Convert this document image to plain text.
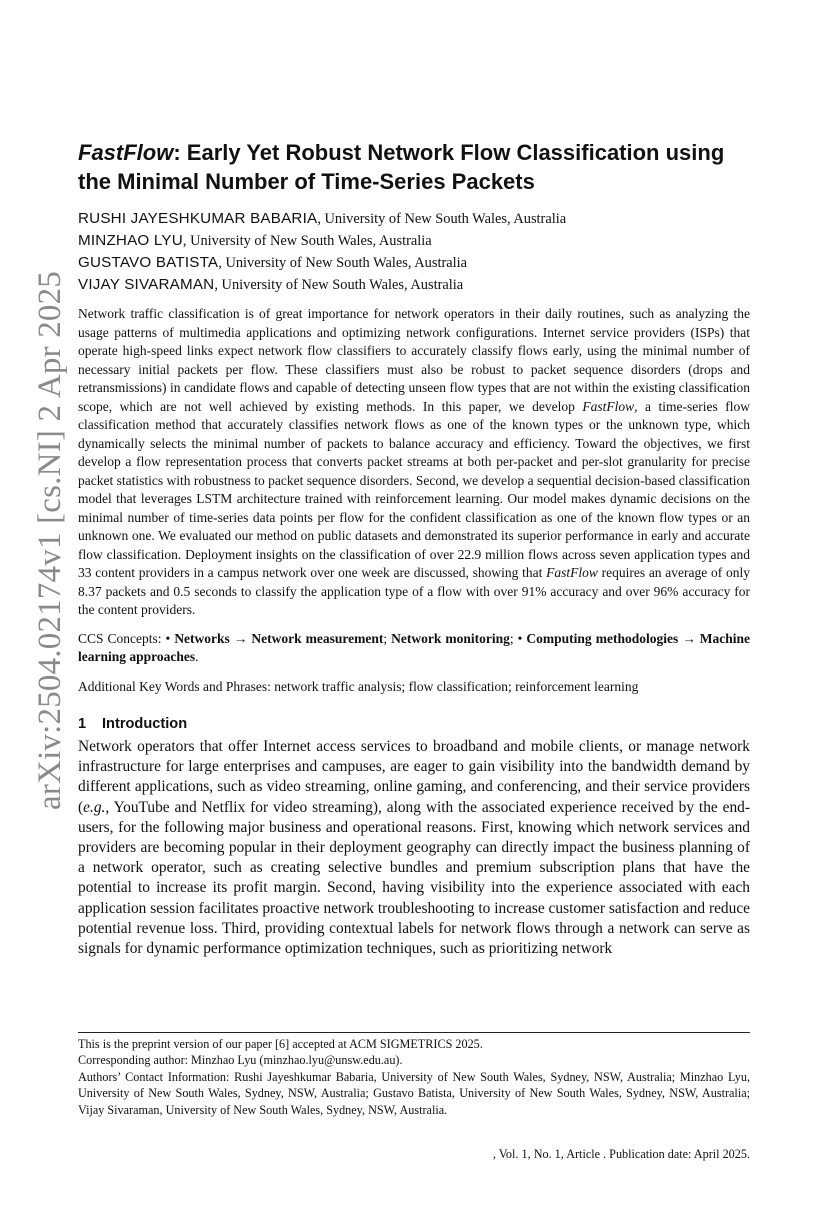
arXiv:2504.02174v1 [cs.NI] 2 Apr 2025
FastFlow: Early Yet Robust Network Flow Classification using the Minimal Number of Time-Series Packets
RUSHI JAYESHKUMAR BABARIA, University of New South Wales, Australia
MINZHAO LYU, University of New South Wales, Australia
GUSTAVO BATISTA, University of New South Wales, Australia
VIJAY SIVARAMAN, University of New South Wales, Australia

Network traffic classification is of great importance for network operators in their daily routines, such as analyzing the usage patterns of multimedia applications and optimizing network configurations. Internet service providers (ISPs) that operate high-speed links expect network flow classifiers to accurately classify flows early, using the minimal number of necessary initial packets per flow. These classifiers must also be robust to packet sequence disorders (drops and retransmissions) in candidate flows and capable of detecting unseen flow types that are not within the existing classification scope, which are not well achieved by existing methods. In this paper, we develop FastFlow, a time-series flow classification method that accurately classifies network flows as one of the known types or the unknown type, which dynamically selects the minimal number of packets to balance accuracy and efficiency. Toward the objectives, we first develop a flow representation process that converts packet streams at both per-packet and per-slot granularity for precise packet statistics with robustness to packet sequence disorders. Second, we develop a sequential decision-based classification model that leverages LSTM architecture trained with reinforcement learning. Our model makes dynamic decisions on the minimal number of time-series data points per flow for the confident classification as one of the known flow types or an unknown one. We evaluated our method on public datasets and demonstrated its superior performance in early and accurate flow classification. Deployment insights on the classification of over 22.9 million flows across seven application types and 33 content providers in a campus network over one week are discussed, showing that FastFlow requires an average of only 8.37 packets and 0.5 seconds to classify the application type of a flow with over 91% accuracy and over 96% accuracy for the content providers.

CCS Concepts: • Networks → Network measurement; Network monitoring; • Computing methodologies → Machine learning approaches.

Additional Key Words and Phrases: network traffic analysis; flow classification; reinforcement learning

1 Introduction

Network operators that offer Internet access services to broadband and mobile clients, or manage network infrastructure for large enterprises and campuses, are eager to gain visibility into the bandwidth demand by different applications, such as video streaming, online gaming, and conferencing, and their service providers (e.g., YouTube and Netflix for video streaming), along with the associated experience received by the end-users, for the following major business and operational reasons. First, knowing which network services and providers are becoming popular in their deployment geography can directly impact the business planning of a network operator, such as creating selective bundles and premium subscription plans that have the potential to increase its profit margin. Second, having visibility into the experience associated with each application session facilitates proactive network troubleshooting to increase customer satisfaction and reduce potential revenue loss. Third, providing contextual labels for network flows through a network can serve as signals for dynamic performance optimization techniques, such as prioritizing network

This is the preprint version of our paper [6] accepted at ACM SIGMETRICS 2025.

Corresponding author: Minzhao Lyu (minzhao.lyu@unsw.edu.au).

Authors’ Contact Information: Rushi Jayeshkumar Babaria, University of New South Wales, Sydney, NSW, Australia; Minzhao Lyu, University of New South Wales, Sydney, NSW, Australia; Gustavo Batista, University of New South Wales, Sydney, NSW, Australia; Vijay Sivaraman, University of New South Wales, Sydney, NSW, Australia.

, Vol. 1, No. 1, Article . Publication date: April 2025.
